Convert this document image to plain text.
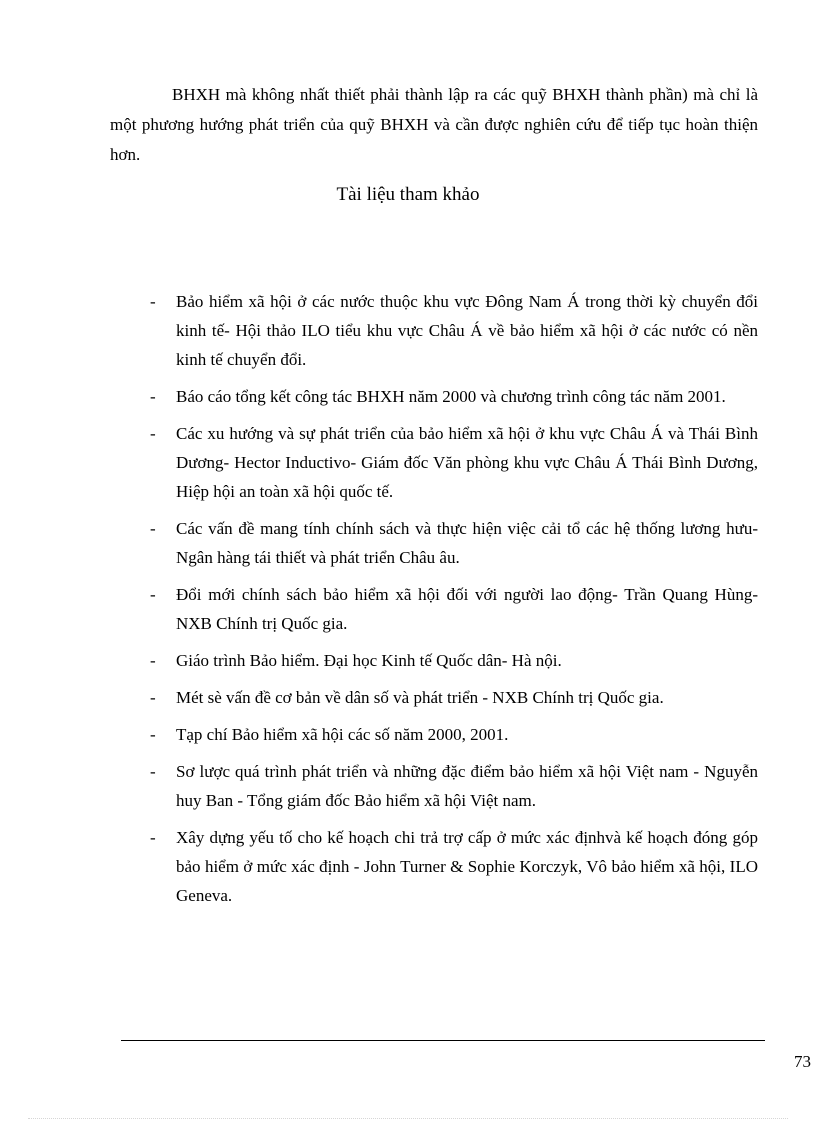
BHXH mà không nhất thiết phải thành lập ra các quỹ BHXH thành phần) mà chỉ là một phương hướng phát triển của quỹ BHXH và cần được nghiên cứu để tiếp tục hoàn thiện hơn.

Tài liệu tham khảo
- Bảo hiểm xã hội ở các nước thuộc khu vực Đông Nam Á trong thời kỳ chuyển đổi kinh tế- Hội thảo ILO tiểu khu vực Châu Á về bảo hiểm xã hội ở các nước có nền kinh tế chuyển đổi.
- Báo cáo tổng kết công tác BHXH năm 2000 và chương trình công tác năm 2001.
- Các xu hướng và sự phát triển của bảo hiểm xã hội ở khu vực Châu Á và Thái Bình Dương- Hector Inductivo- Giám đốc Văn phòng khu vực Châu Á Thái Bình Dương, Hiệp hội an toàn xã hội quốc tế.
- Các vấn đề mang tính chính sách và thực hiện việc cải tổ các hệ thống lương hưu- Ngân hàng tái thiết và phát triển Châu âu.
- Đổi mới chính sách bảo hiểm xã hội đối với người lao động- Trần Quang Hùng- NXB Chính trị Quốc gia.
- Giáo trình Bảo hiểm. Đại học Kinh tế Quốc dân- Hà nội.
- Mét sè vấn đề cơ bản về dân số và phát triển - NXB Chính trị Quốc gia.
- Tạp chí Bảo hiểm xã hội các số năm 2000, 2001.
- Sơ lược quá trình phát triển và những đặc điểm bảo hiểm xã hội Việt nam - Nguyễn huy Ban - Tổng giám đốc Bảo hiểm xã hội Việt nam.
- Xây dựng yếu tố cho kế hoạch chi trả trợ cấp ở mức xác địnhvà kế hoạch đóng góp bảo hiểm ở mức xác định - John Turner & Sophie Korczyk, Vô bảo hiểm xã hội, ILO Geneva.
73
